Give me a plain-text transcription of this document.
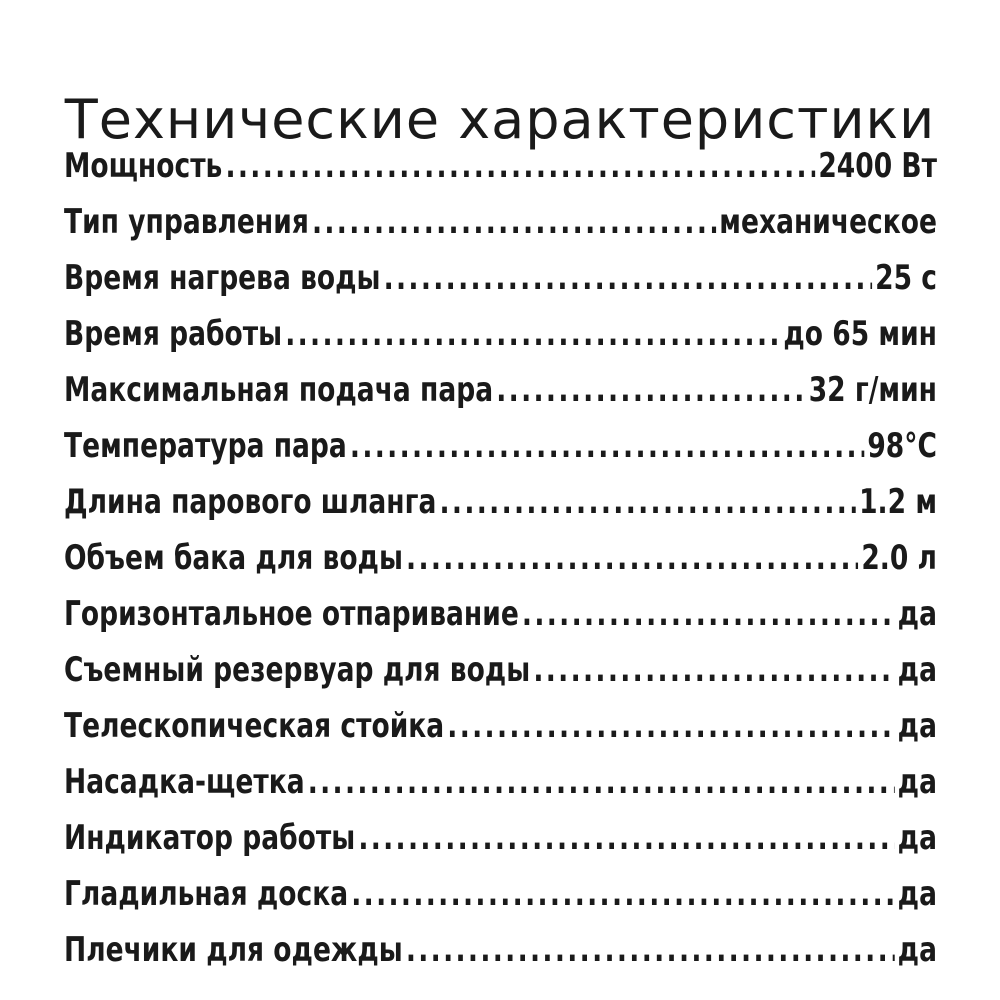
Технические характеристики
Мощность .....	2400 Вт
Тип управления .....	механическое
Время нагрева воды .....	25 с
Время работы .....	до 65 мин
Максимальная подача пара .....	32 г/мин
Температура пара .....	98°С
Длина парового шланга .....	1.2 м
Объем бака для воды .....	2.0 л
Горизонтальное отпаривание .....	да
Съемный резервуар для воды .....	да
Телескопическая стойка .....	да
Насадка-щетка .....	да
Индикатор работы .....	да
Гладильная доска .....	да
Плечики для одежды .....	да
